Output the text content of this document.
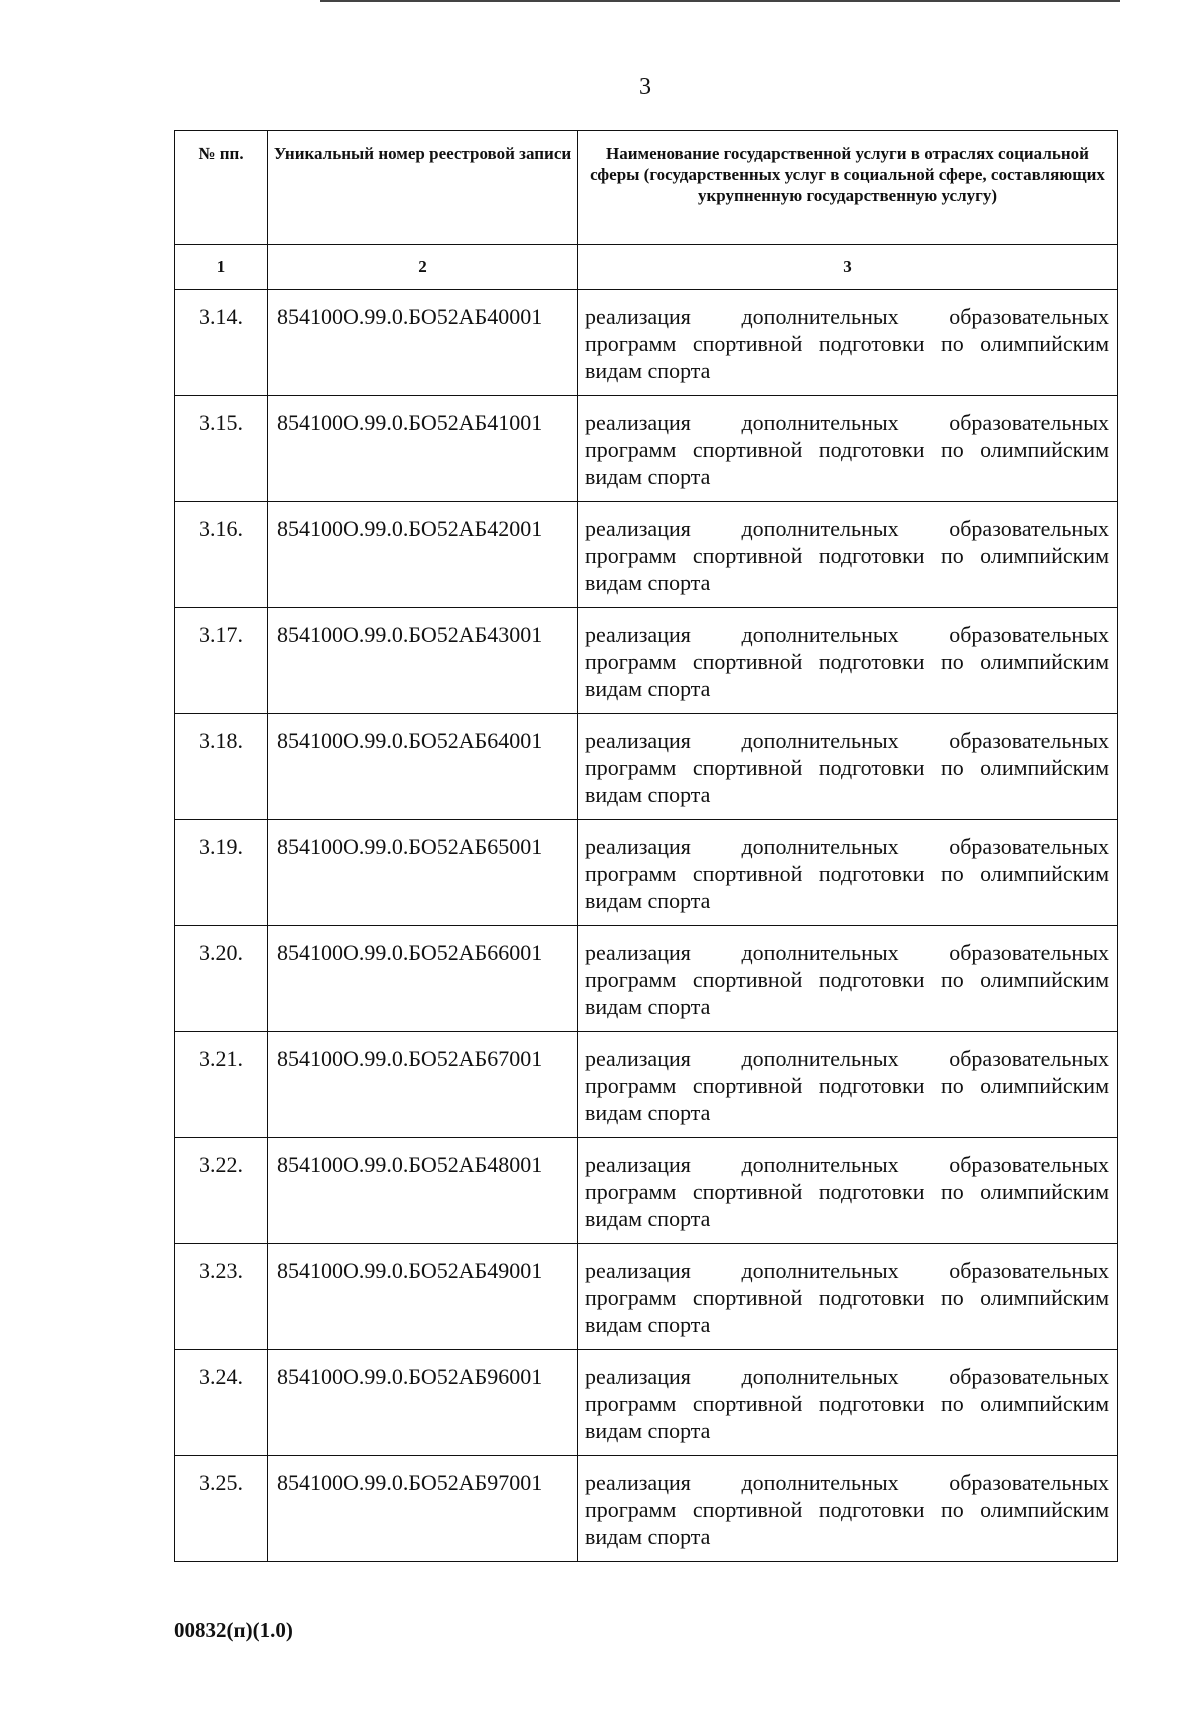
3
№ пп.	Уникальный номер реестровой записи	Наименование государственной услуги в отраслях социальной сферы (государственных услуг в социальной сфере, составляющих укрупненную государственную услугу)
1	2	3
3.14.	854100О.99.0.БО52АБ40001	реализация дополнительных образовательных программ спортивной подготовки по олимпийским видам спорта
3.15.	854100О.99.0.БО52АБ41001	реализация дополнительных образовательных программ спортивной подготовки по олимпийским видам спорта
3.16.	854100О.99.0.БО52АБ42001	реализация дополнительных образовательных программ спортивной подготовки по олимпийским видам спорта
3.17.	854100О.99.0.БО52АБ43001	реализация дополнительных образовательных программ спортивной подготовки по олимпийским видам спорта
3.18.	854100О.99.0.БО52АБ64001	реализация дополнительных образовательных программ спортивной подготовки по олимпийским видам спорта
3.19.	854100О.99.0.БО52АБ65001	реализация дополнительных образовательных программ спортивной подготовки по олимпийским видам спорта
3.20.	854100О.99.0.БО52АБ66001	реализация дополнительных образовательных программ спортивной подготовки по олимпийским видам спорта
3.21.	854100О.99.0.БО52АБ67001	реализация дополнительных образовательных программ спортивной подготовки по олимпийским видам спорта
3.22.	854100О.99.0.БО52АБ48001	реализация дополнительных образовательных программ спортивной подготовки по олимпийским видам спорта
3.23.	854100О.99.0.БО52АБ49001	реализация дополнительных образовательных программ спортивной подготовки по олимпийским видам спорта
3.24.	854100О.99.0.БО52АБ96001	реализация дополнительных образовательных программ спортивной подготовки по олимпийским видам спорта
3.25.	854100О.99.0.БО52АБ97001	реализация дополнительных образовательных программ спортивной подготовки по олимпийским видам спорта
00832(п)(1.0)
